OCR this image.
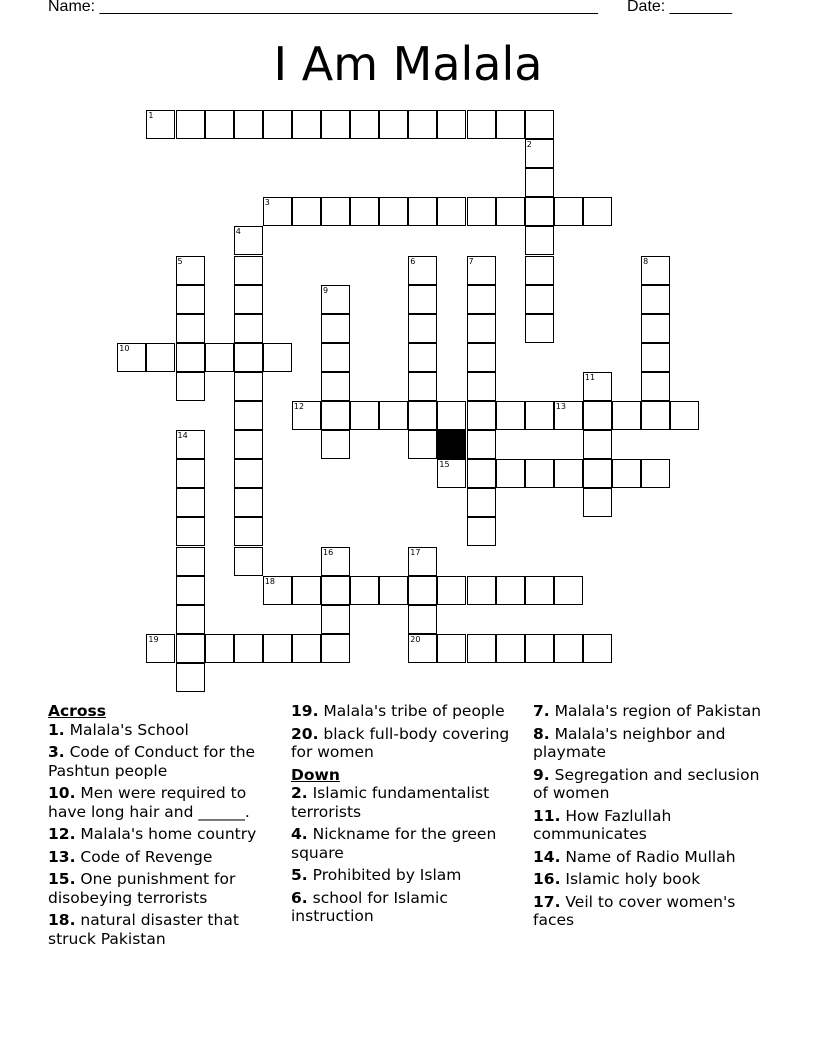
Name: ________________________________________________________ Date: _______
I Am Malala
1
2
3
4
5	6	7	8
9
10
11
12	13
14
15
16	17
18
19	20
Across
1. Malala's School
3. Code of Conduct for the Pashtun people
10. Men were required to have long hair and ______.
12. Malala's home country
13. Code of Revenge
15. One punishment for disobeying terrorists
18. natural disaster that struck Pakistan
19. Malala's tribe of people
20. black full-body covering for women
Down
2. Islamic fundamentalist terrorists
4. Nickname for the green square
5. Prohibited by Islam
6. school for Islamic instruction
7. Malala's region of Pakistan
8. Malala's neighbor and playmate
9. Segregation and seclusion of women
11. How Fazlullah communicates
14. Name of Radio Mullah
16. Islamic holy book
17. Veil to cover women's faces
